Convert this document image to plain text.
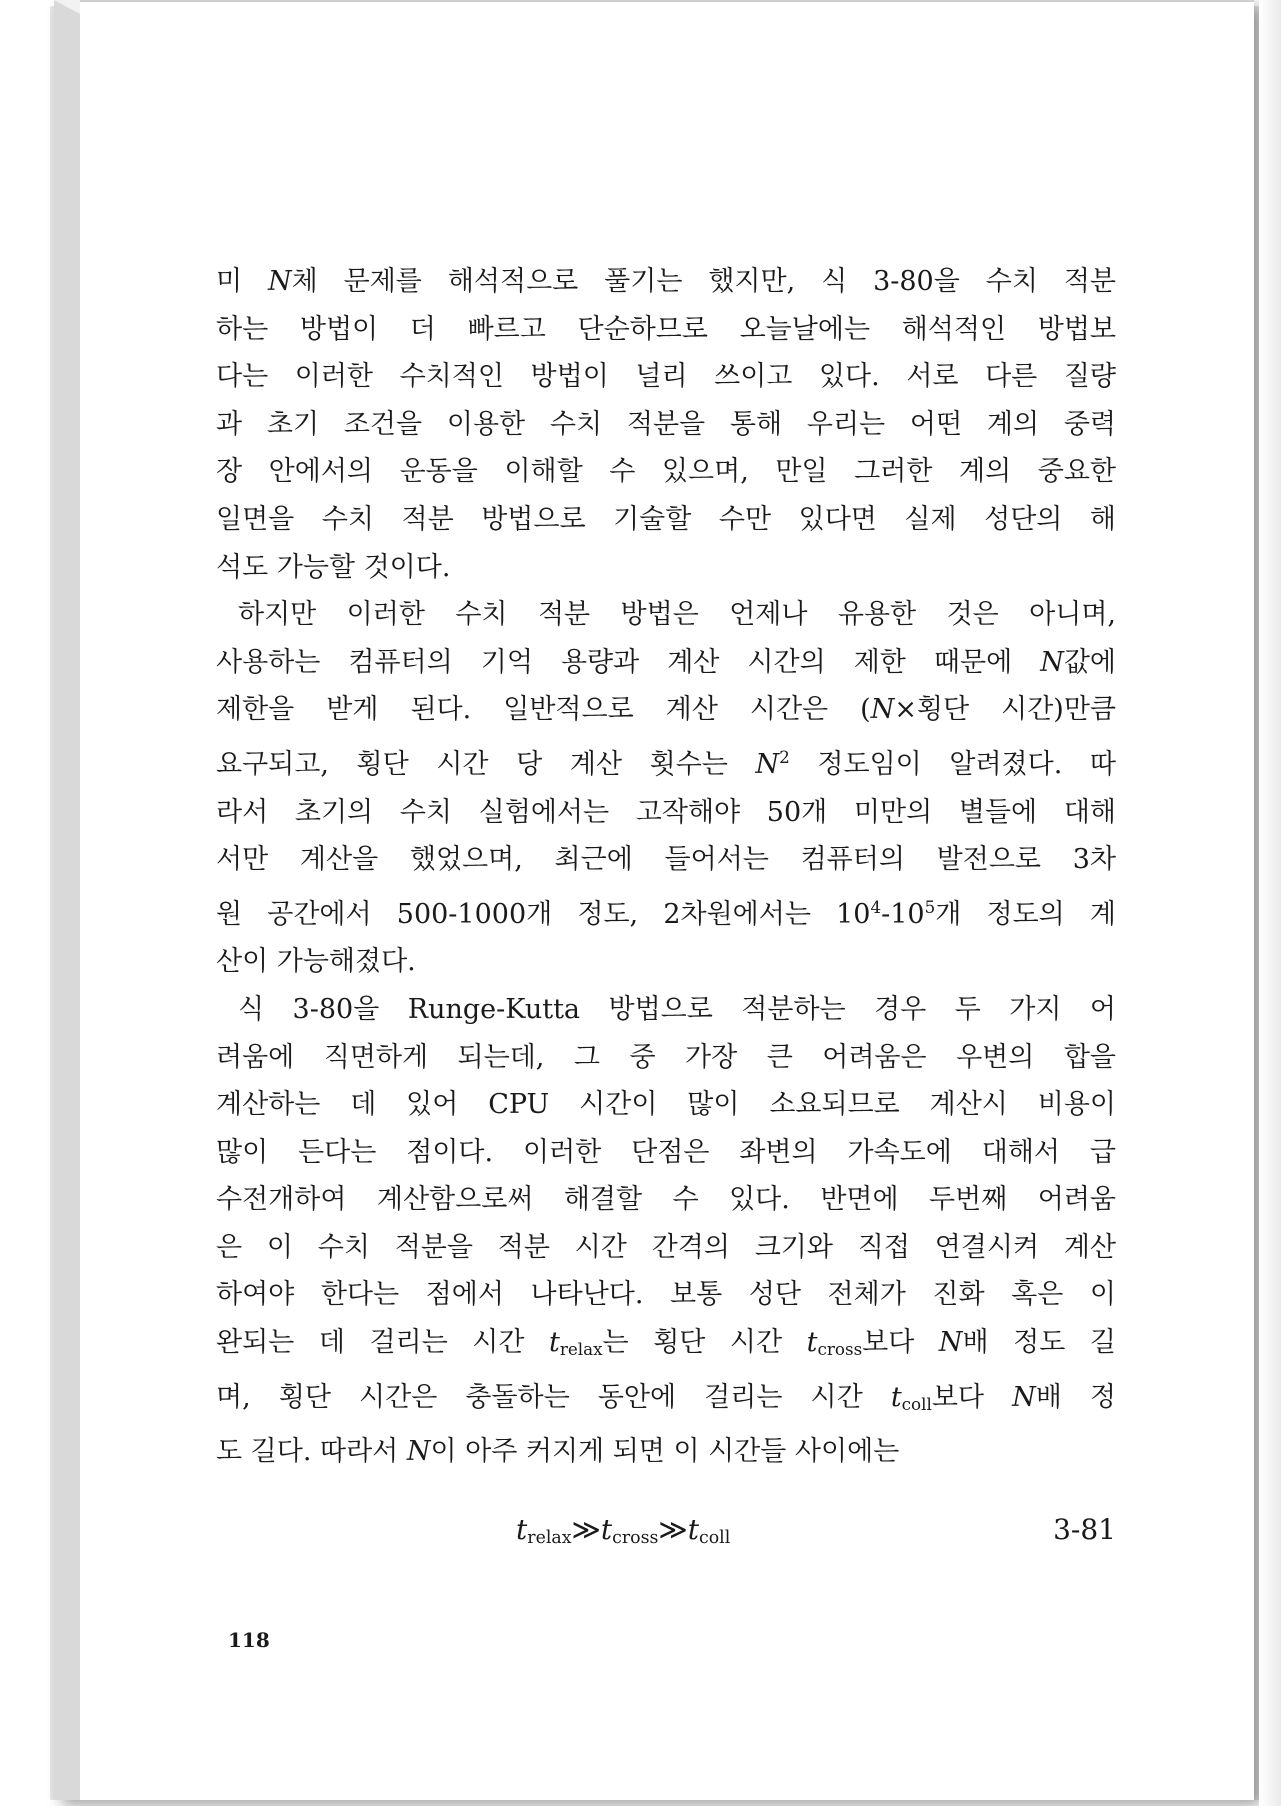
미 N체 문제를 해석적으로 풀기는 했지만, 식 3-80을 수치 적분
하는 방법이 더 빠르고 단순하므로 오늘날에는 해석적인 방법보
다는 이러한 수치적인 방법이 널리 쓰이고 있다. 서로 다른 질량
과 초기 조건을 이용한 수치 적분을 통해 우리는 어떤 계의 중력
장 안에서의 운동을 이해할 수 있으며, 만일 그러한 계의 중요한
일면을 수치 적분 방법으로 기술할 수만 있다면 실제 성단의 해
석도 가능할 것이다.
하지만 이러한 수치 적분 방법은 언제나 유용한 것은 아니며,
사용하는 컴퓨터의 기억 용량과 계산 시간의 제한 때문에 N값에
제한을 받게 된다. 일반적으로 계산 시간은 (N×횡단 시간)만큼
요구되고, 횡단 시간 당 계산 횟수는 $N^2$ 정도임이 알려졌다. 따
라서 초기의 수치 실험에서는 고작해야 50개 미만의 별들에 대해
서만 계산을 했었으며, 최근에 들어서는 컴퓨터의 발전으로 3차
원 공간에서 500-1000개 정도, 2차원에서는 $10^4-10^5$개 정도의 계
산이 가능해졌다.
식 3-80을 Runge-Kutta 방법으로 적분하는 경우 두 가지 어
려움에 직면하게 되는데, 그 중 가장 큰 어려움은 우변의 합을
계산하는 데 있어 CPU 시간이 많이 소요되므로 계산시 비용이
많이 든다는 점이다. 이러한 단점은 좌변의 가속도에 대해서 급
수전개하여 계산함으로써 해결할 수 있다. 반면에 두번째 어려움
은 이 수치 적분을 적분 시간 간격의 크기와 직접 연결시켜 계산
하여야 한다는 점에서 나타난다. 보통 성단 전체가 진화 혹은 이
완되는 데 걸리는 시간 $t_{relax}$는 횡단 시간 $t_{cross}$보다 N배 정도 길
며, 횡단 시간은 충돌하는 동안에 걸리는 시간 $t_{coll}$보다 N배 정
도 길다. 따라서 N이 아주 커지게 되면 이 시간들 사이에는
$t_{relax}≫t_{cross}≫t_{coll}$	3-81
118
